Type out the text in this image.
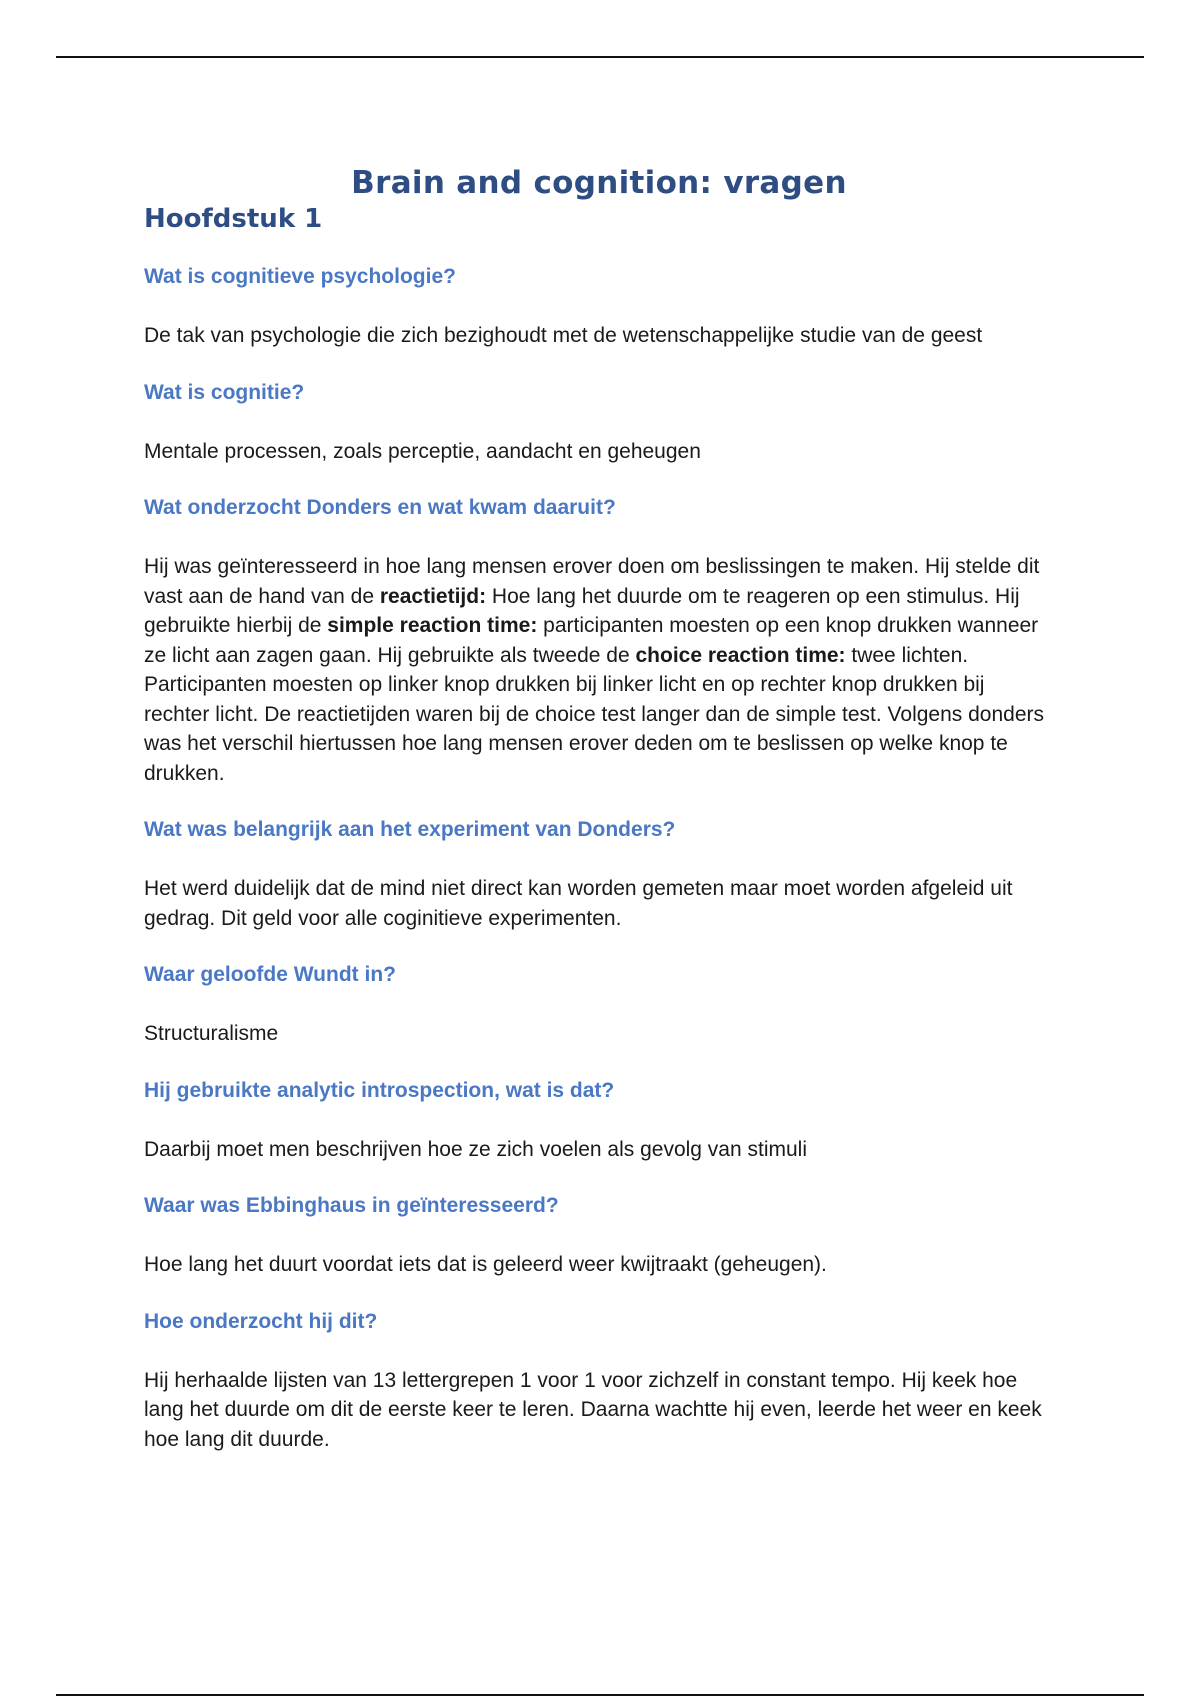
Brain and cognition: vragen
Hoofdstuk 1

Wat is cognitieve psychologie?

De tak van psychologie die zich bezighoudt met de wetenschappelijke studie van de geest

Wat is cognitie?

Mentale processen, zoals perceptie, aandacht en geheugen

Wat onderzocht Donders en wat kwam daaruit?

Hij was geïnteresseerd in hoe lang mensen erover doen om beslissingen te maken. Hij stelde dit vast aan de hand van de reactietijd: Hoe lang het duurde om te reageren op een stimulus. Hij gebruikte hierbij de simple reaction time: participanten moesten op een knop drukken wanneer ze licht aan zagen gaan. Hij gebruikte als tweede de choice reaction time: twee lichten. Participanten moesten op linker knop drukken bij linker licht en op rechter knop drukken bij rechter licht. De reactietijden waren bij de choice test langer dan de simple test. Volgens donders was het verschil hiertussen hoe lang mensen erover deden om te beslissen op welke knop te drukken.

Wat was belangrijk aan het experiment van Donders?

Het werd duidelijk dat de mind niet direct kan worden gemeten maar moet worden afgeleid uit gedrag. Dit geld voor alle coginitieve experimenten.

Waar geloofde Wundt in?

Structuralisme

Hij gebruikte analytic introspection, wat is dat?

Daarbij moet men beschrijven hoe ze zich voelen als gevolg van stimuli

Waar was Ebbinghaus in geïnteresseerd?

Hoe lang het duurt voordat iets dat is geleerd weer kwijtraakt (geheugen).

Hoe onderzocht hij dit?

Hij herhaalde lijsten van 13 lettergrepen 1 voor 1 voor zichzelf in constant tempo. Hij keek hoe lang het duurde om dit de eerste keer te leren. Daarna wachtte hij even, leerde het weer en keek hoe lang dit duurde.
